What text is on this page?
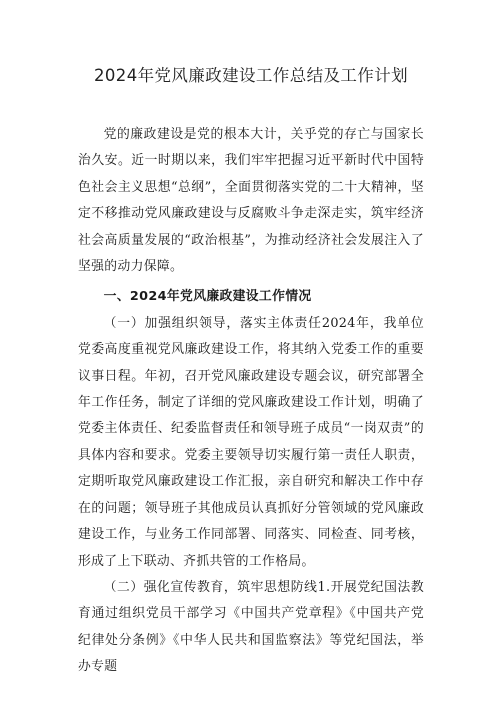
2024年党风廉政建设工作总结及工作计划

党的廉政建设是党的根本大计，关乎党的存亡与国家长治久安。近一时期以来，我们牢牢把握习近平新时代中国特色社会主义思想“总纲”，全面贯彻落实党的二十大精神，坚定不移推动党风廉政建设与反腐败斗争走深走实，筑牢经济社会高质量发展的“政治根基”，为推动经济社会发展注入了坚强的动力保障。

一、2024年党风廉政建设工作情况

（一）加强组织领导，落实主体责任2024年，我单位党委高度重视党风廉政建设工作，将其纳入党委工作的重要议事日程。年初，召开党风廉政建设专题会议，研究部署全年工作任务，制定了详细的党风廉政建设工作计划，明确了党委主体责任、纪委监督责任和领导班子成员“一岗双责”的具体内容和要求。党委主要领导切实履行第一责任人职责，定期听取党风廉政建设工作汇报，亲自研究和解决工作中存在的问题；领导班子其他成员认真抓好分管领域的党风廉政建设工作，与业务工作同部署、同落实、同检查、同考核，形成了上下联动、齐抓共管的工作格局。

（二）强化宣传教育，筑牢思想防线1.开展党纪国法教育通过组织党员干部学习《中国共产党章程》《中国共产党纪律处分条例》《中华人民共和国监察法》等党纪国法，举办专题
